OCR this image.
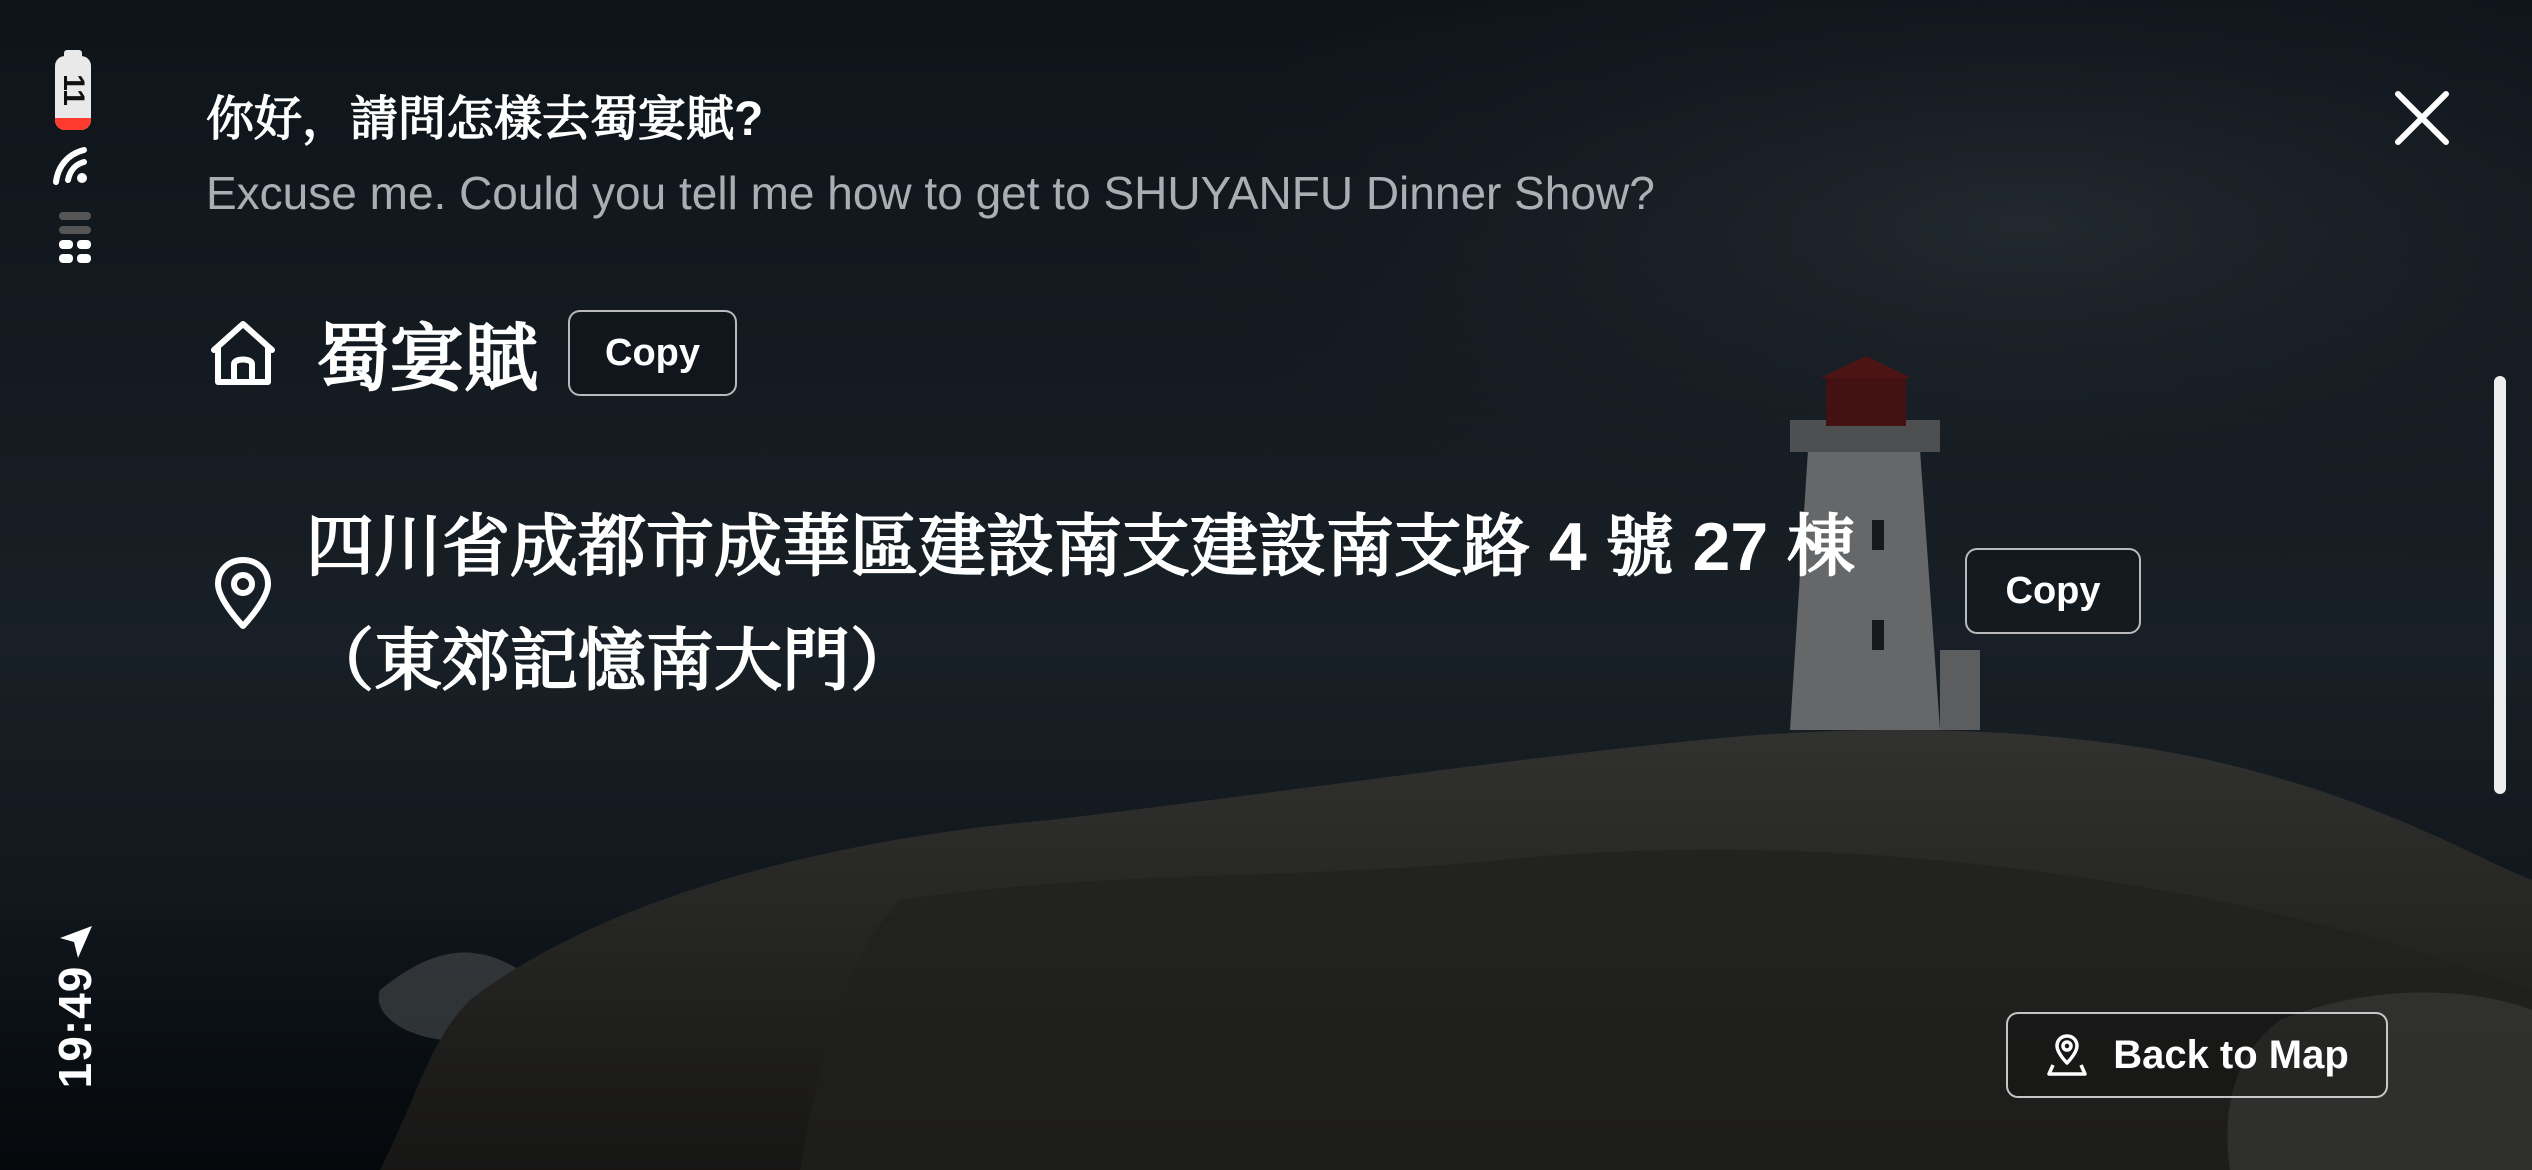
11
19:49
你好，請問怎樣去蜀宴賦?
Excuse me. Could you tell me how to get to SHUYANFU Dinner Show?
蜀宴賦	Copy
四川省成都市成華區建設南支建設南支路 4 號 27 棟（東郊記憶南大門）
Copy
Back to Map
